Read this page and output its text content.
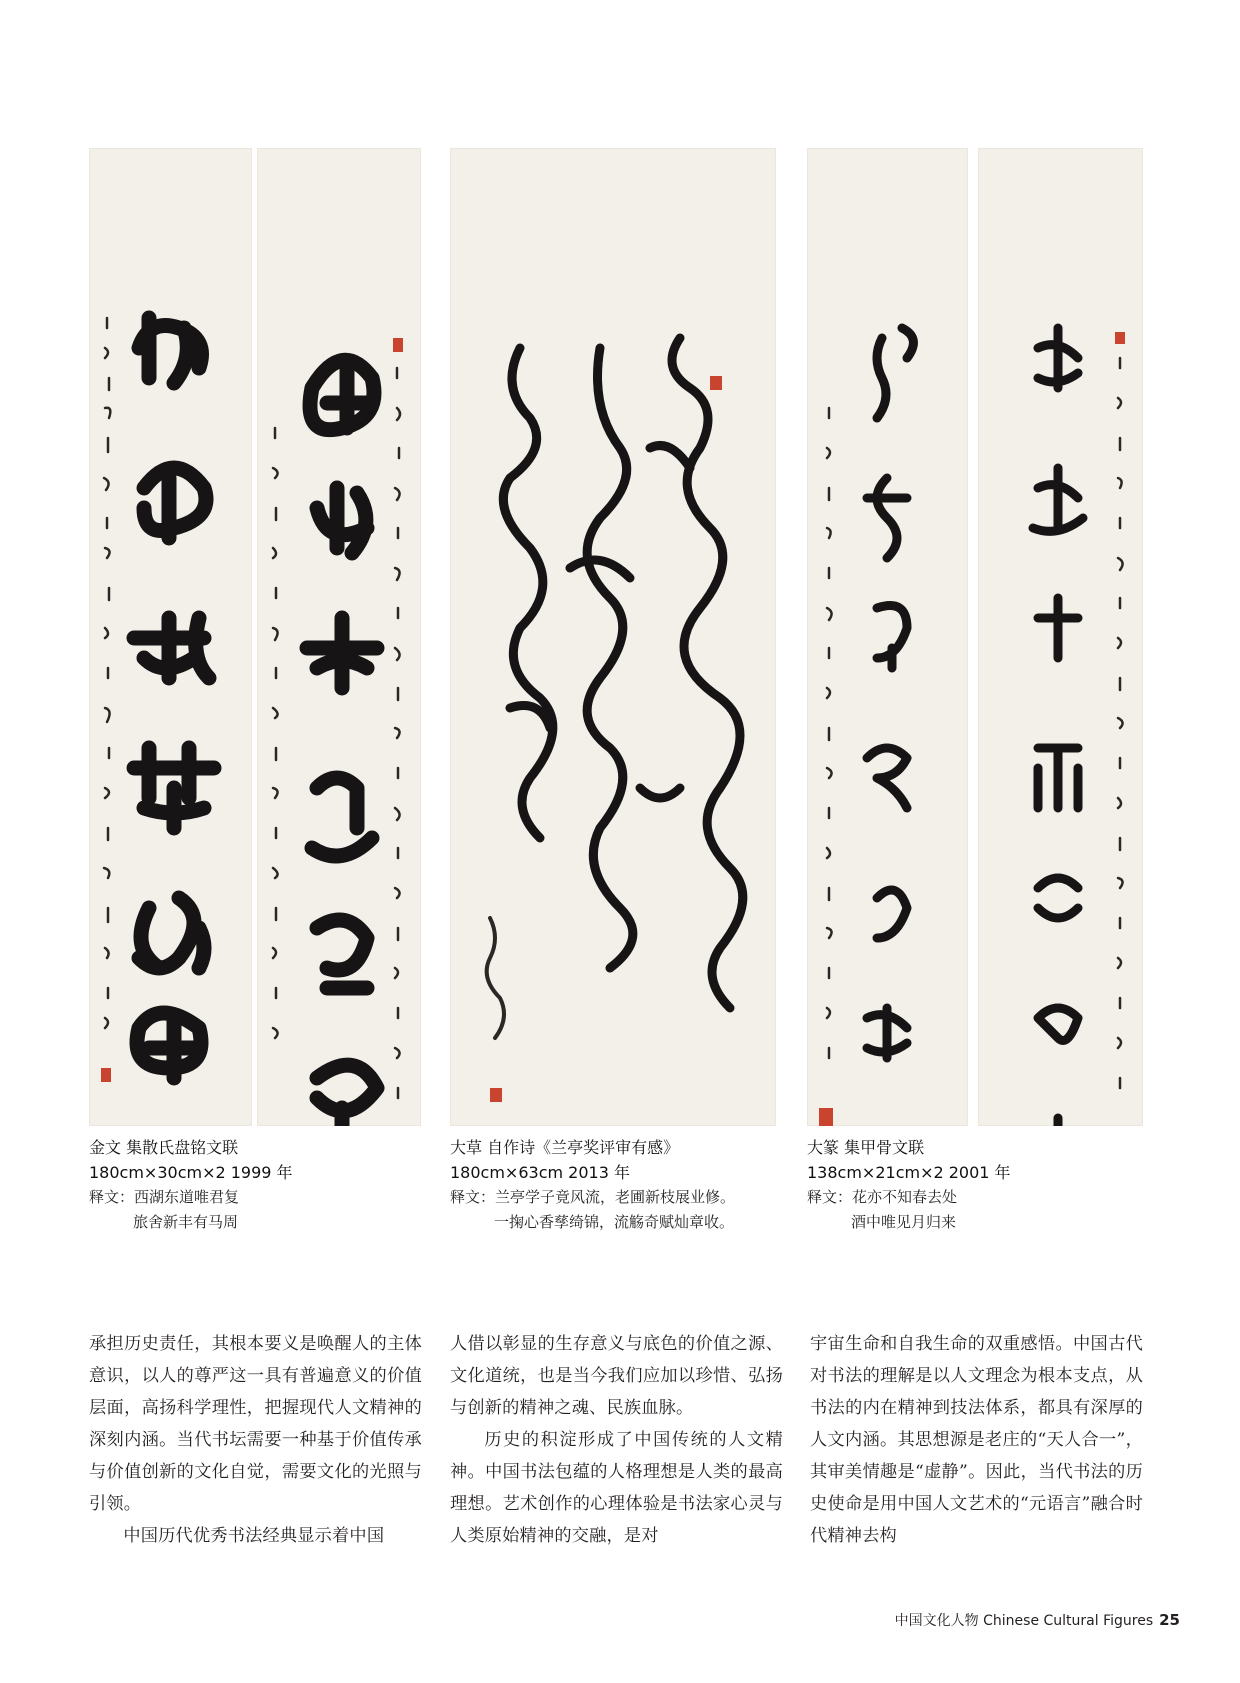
金文 集散氏盘铭文联
180cm×30cm×2 1999 年
释文：西湖东道唯君复
旅舍新丰有马周
大草 自作诗《兰亭奖评审有感》
180cm×63cm 2013 年
释文：兰亭学子竟风流，老圃新枝展业修。
一掬心香孳绮锦，流觞奇赋灿章收。
大篆 集甲骨文联
138cm×21cm×2 2001 年
释文：花亦不知春去处
酒中唯见月归来

承担历史责任，其根本要义是唤醒人的主体意识，以人的尊严这一具有普遍意义的价值层面，高扬科学理性，把握现代人文精神的深刻内涵。当代书坛需要一种基于价值传承与价值创新的文化自觉，需要文化的光照与引领。

中国历代优秀书法经典显示着中国

人借以彰显的生存意义与底色的价值之源、文化道统，也是当今我们应加以珍惜、弘扬与创新的精神之魂、民族血脉。

历史的积淀形成了中国传统的人文精神。中国书法包蕴的人格理想是人类的最高理想。艺术创作的心理体验是书法家心灵与人类原始精神的交融，是对

宇宙生命和自我生命的双重感悟。中国古代对书法的理解是以人文理念为根本支点，从书法的内在精神到技法体系，都具有深厚的人文内涵。其思想源是老庄的“天人合一”，其审美情趣是“虚静”。因此，当代书法的历史使命是用中国人文艺术的“元语言”融合时代精神去构

中国文化人物 Chinese Cultural Figures 25
